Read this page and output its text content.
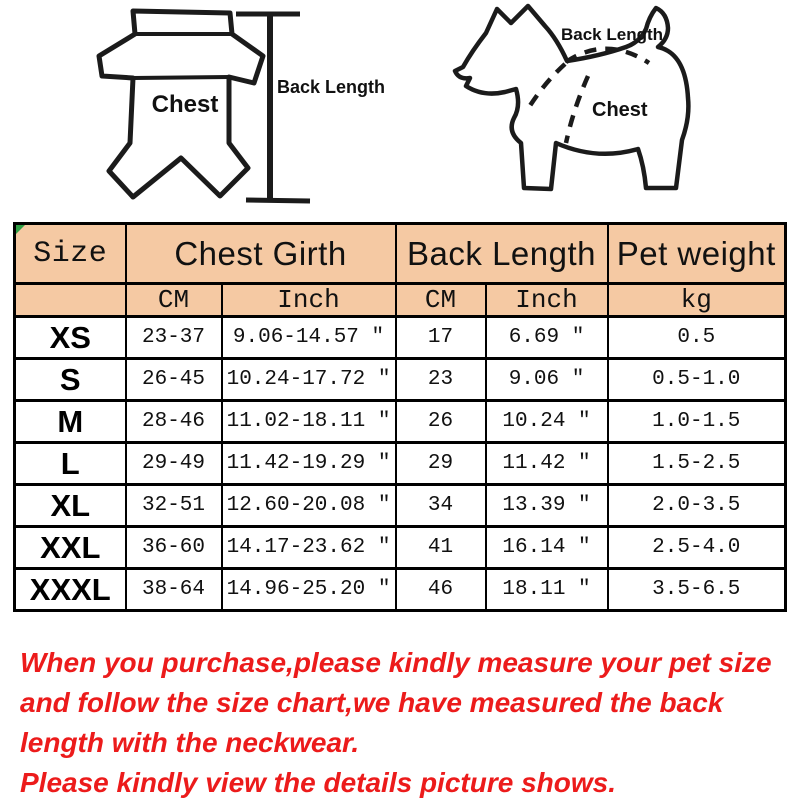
Chest
Back Length
Back Length
Chest
Size	Chest Girth		Back Length		Pet weight
	CM	Inch	CM	Inch	kg
XS	23-37	9.06-14.57 ″	17	6.69 ″	0.5
S	26-45	10.24-17.72 ″	23	9.06 ″	0.5-1.0
M	28-46	11.02-18.11 ″	26	10.24 ″	1.0-1.5
L	29-49	11.42-19.29 ″	29	11.42 ″	1.5-2.5
XL	32-51	12.60-20.08 ″	34	13.39 ″	2.0-3.5
XXL	36-60	14.17-23.62 ″	41	16.14 ″	2.5-4.0
XXXL	38-64	14.96-25.20 ″	46	18.11 ″	3.5-6.5
When you purchase,please kindly measure your pet size
and follow the size chart,we have measured the back
length with the neckwear.
Please kindly view the details picture shows.
